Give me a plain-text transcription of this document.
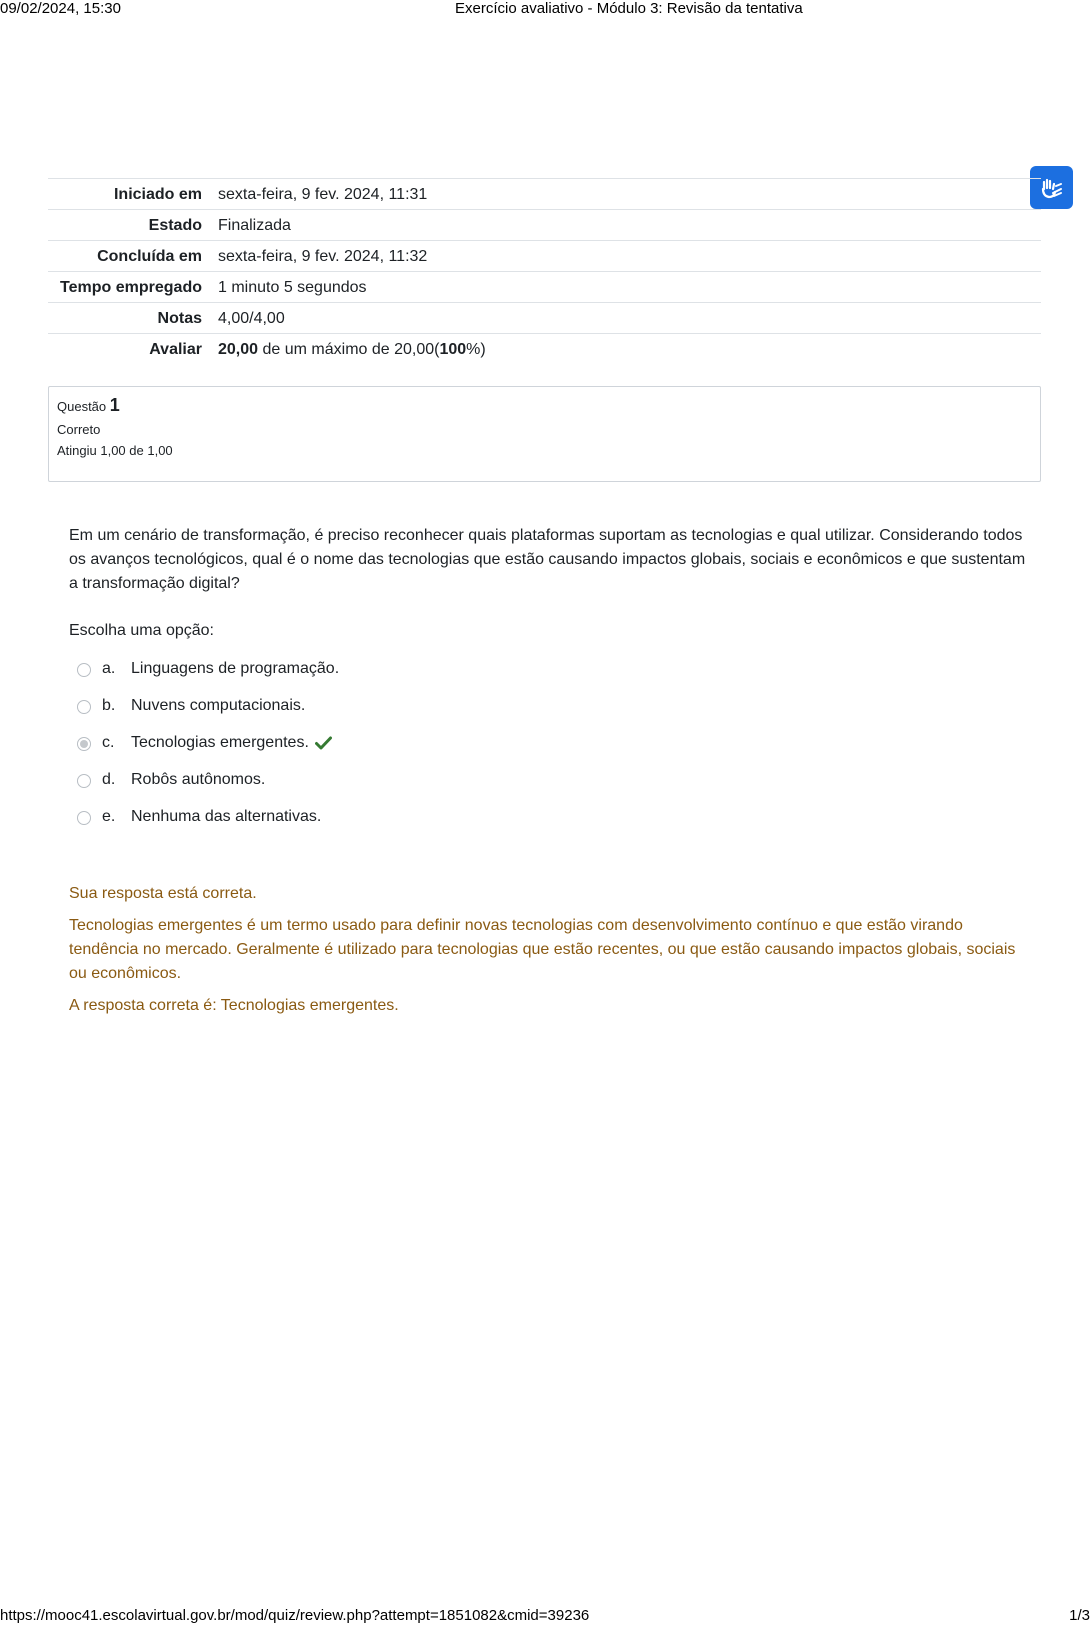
09/02/2024, 15:30	Exercício avaliativo - Módulo 3: Revisão da tentativa
Iniciado em	sexta-feira, 9 fev. 2024, 11:31
Estado	Finalizada
Concluída em	sexta-feira, 9 fev. 2024, 11:32
Tempo empregado	1 minuto 5 segundos
Notas	4,00/4,00
Avaliar	20,00 de um máximo de 20,00(100%)
Questão 1
Correto
Atingiu 1,00 de 1,00
Em um cenário de transformação, é preciso reconhecer quais plataformas suportam as tecnologias e qual utilizar. Considerando todos os avanços tecnológicos, qual é o nome das tecnologias que estão causando impactos globais, sociais e econômicos e que sustentam a transformação digital?
Escolha uma opção:
a. Linguagens de programação.
b. Nuvens computacionais.
c.	Tecnologias emergentes.
d. Robôs autônomos.
e. Nenhuma das alternativas.

Sua resposta está correta.

Tecnologias emergentes é um termo usado para definir novas tecnologias com desenvolvimento contínuo e que estão virando tendência no mercado. Geralmente é utilizado para tecnologias que estão recentes, ou que estão causando impactos globais, sociais ou econômicos.

A resposta correta é: Tecnologias emergentes.

https://mooc41.escolavirtual.gov.br/mod/quiz/review.php?attempt=1851082&cmid=39236	1/3
